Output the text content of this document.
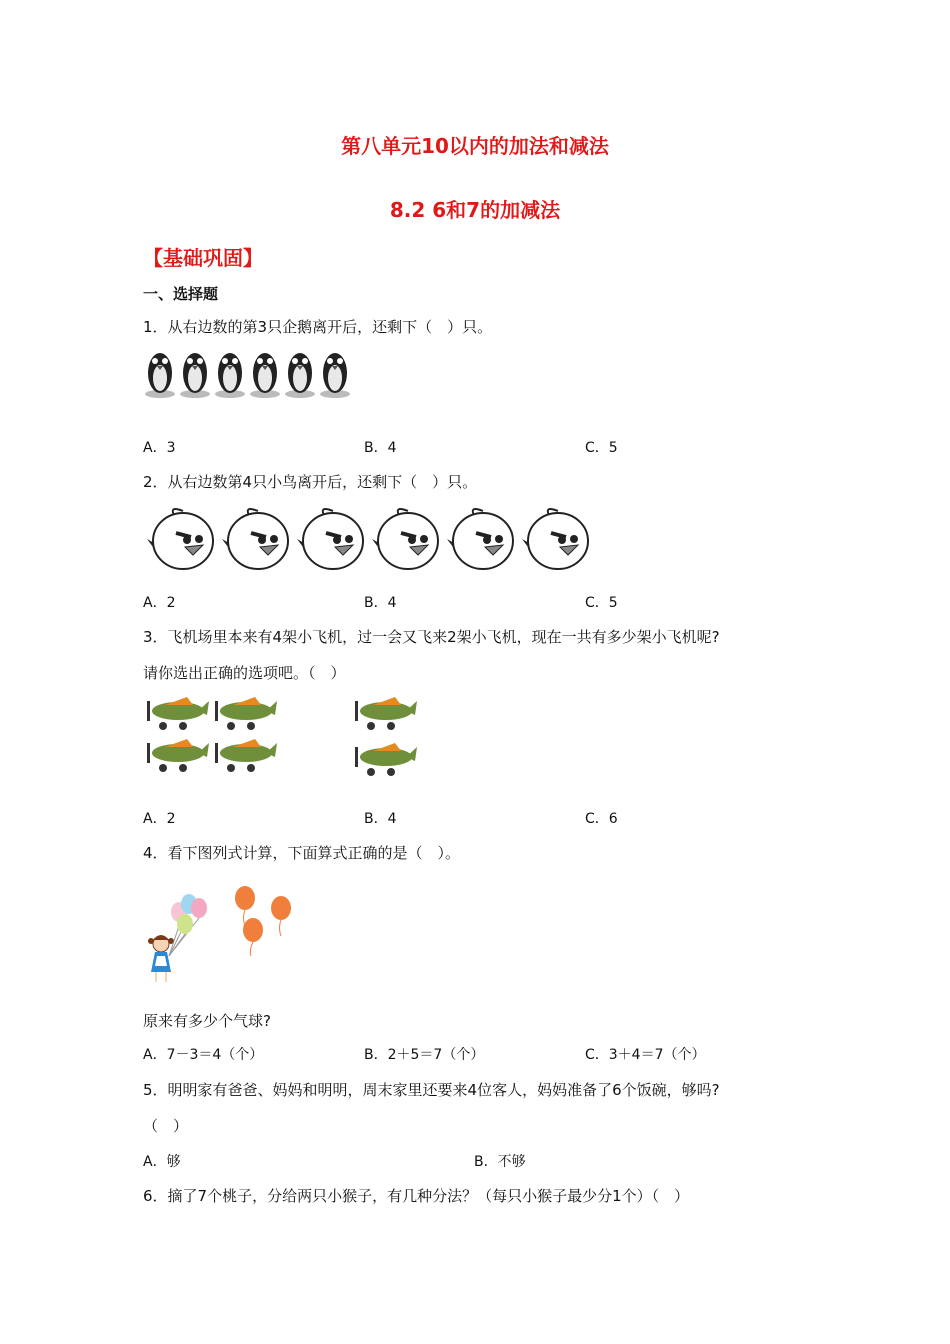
第八单元10以内的加法和减法
8.2 6和7的加减法
【基础巩固】
一、选择题
1．从右边数的第3只企鹅离开后，还剩下（　）只。
A．3	B．4	C．5
2．从右边数第4只小鸟离开后，还剩下（　）只。
A．2	B．4	C．5
3．飞机场里本来有4架小飞机，过一会又飞来2架小飞机，现在一共有多少架小飞机呢?
请你选出正确的选项吧。（　）
A．2	B．4	C．6
4．看下图列式计算，下面算式正确的是（　）。
原来有多少个气球?
A．7－3＝4（个）	B．2＋5＝7（个）	C．3＋4＝7（个）
5．明明家有爸爸、妈妈和明明，周末家里还要来4位客人，妈妈准备了6个饭碗，够吗?
（　）
A．够	B．不够
6．摘了7个桃子，分给两只小猴子，有几种分法？（每只小猴子最少分1个）（　）
